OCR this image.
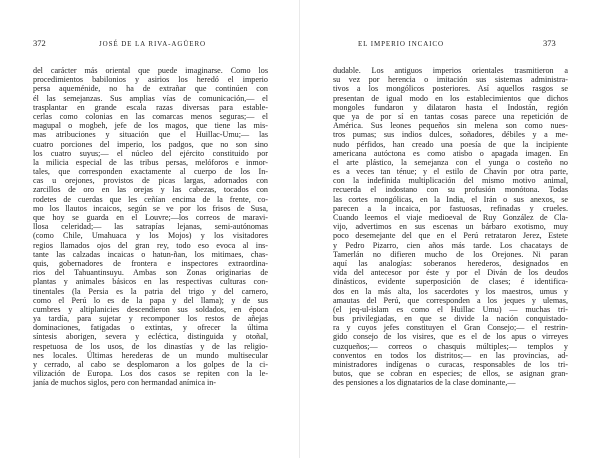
372	JOSÉ DE LA RIVA-AGÜERO
del carácter más oriental que puede imaginarse. Como los
procedimientos babilonios y asirios los heredó el imperio
persa aqueménide, no ha de extrañar que continúen con
él las semejanzas. Sus amplias vías de comunicación,— el
trasplantar en grande escala razas diversas para estable-
cerlas como colonias en las comarcas menos seguras;— el
magupal o mogbeh, jefe de los magos, que tiene las mis-
mas atribuciones y situación que el Huillac-Umu;— las
cuatro porciones del imperio, los padgos, que no son sino
los cuatro suyus;— el núcleo del ejército constituido por
la milicia especial de las tribus persas, melóforos e inmor-
tales, que corresponden exactamente al cuerpo de los In-
cas u orejones, provistos de picas largas, adornados con
zarcillos de oro en las orejas y las cabezas, tocados con
rodetes de cuerdas que les ceñían encima de la frente, co-
mo los llautos incaicos, según se ve por los frisos de Susa,
que hoy se guarda en el Louvre;—los correos de maravi-
llosa celeridad;— las satrapías lejanas, semi-autónomas
(como Chile, Umahuaca y los Mojos) y los visitadores
regios llamados ojos del gran rey, todo eso evoca al ins-
tante las calzadas incaicas o hatun-ñan, los mitimaes, chas-
quis, gobernadores de frontera e inspectores extraordina-
rios del Tahuantinsuyu. Ambas son Zonas originarias de
plantas y animales básicos en las respectivas culturas con-
tinentales (la Persia es la patria del trigo y del carnero,
como el Perú lo es de la papa y del llama); y de sus
cumbres y altiplanicies descendieron sus soldados, en época
ya tardía, para sujetar y recomponer los restos de añejas
dominaciones, fatigadas o extintas, y ofrecer la última
síntesis aborigen, severa y ecléctica, distinguida y otoñal,
respetuosa de los usos, de los dinastías y de las religio-
nes locales. Últimas herederas de un mundo multisecular
y cerrado, al cabo se desplomaron a los golpes de la ci-
vilización de Europa. Los dos casos se repiten con la le-
janía de muchos siglos, pero con hermandad anímica in-
EL IMPERIO INCAICO	373
dudable. Los antiguos imperios orientales trasmitieron a
su vez por herencia o imitación sus sistemas administra-
tivos a los mongólicos posteriores. Así aquellos rasgos se
presentan de igual modo en los establecimientos que dichos
mongoles fundaron y dilataron hasta el Indostán, región
que ya de por sí en tantas cosas parece una repetición de
América. Sus leones pequeños sin melena son como nues-
tros pumas; sus indios dulces, soñadores, débiles y a me-
nudo pérfidos, han creado una poesía de que la incipiente
americana autóctona es como atisbo o apagada imagen. En
el arte plástico, la semejanza con el yunga o costeño no
es a veces tan ténue; y el estilo de Chavín por otra parte,
con la indefinida multiplicación del mismo motivo animal,
recuerda el indostano con su profusión monótona. Todas
las cortes mongólicas, en la India, el Irán o sus anexos, se
parecen a la incaica, por fastuosas, refinadas y crueles.
Cuando leemos el viaje medioeval de Ruy González de Cla-
vijo, advertimos en sus escenas un bárbaro exotismo, muy
poco desemejante del que en el Perú retrataron Jerez, Estete
y Pedro Pizarro, cien años más tarde. Los chacatays de
Tamerlán no difieren mucho de los Orejones. Ni paran
aquí las analogías: soberanos herederos, designados en
vida del antecesor por éste y por el Diván de los deudos
dinásticos, evidente superposición de clases; é identifica-
dos en la más alta, los sacerdotes y los maestros, umus y
amautas del Perú, que corresponden a los jeques y ulemas,
(el jeq-ul-islam es como el Huillac Umu) — muchas tri-
bus privilegiadas, en que se divide la nación conquistado-
ra y cuyos jefes constituyen el Gran Consejo;— el restrin-
gido consejo de los visires, que es el de los apus o virreyes
cuzqueños;— correos o chasquis múltiples;— templos y
conventos en todos los distritos;— en las provincias, ad-
ministradores indígenas o curacas, responsables de los tri-
butos, que se cobran en especies; de ellos, se asignan gran-
des pensiones a los dignatarios de la clase dominante,—
